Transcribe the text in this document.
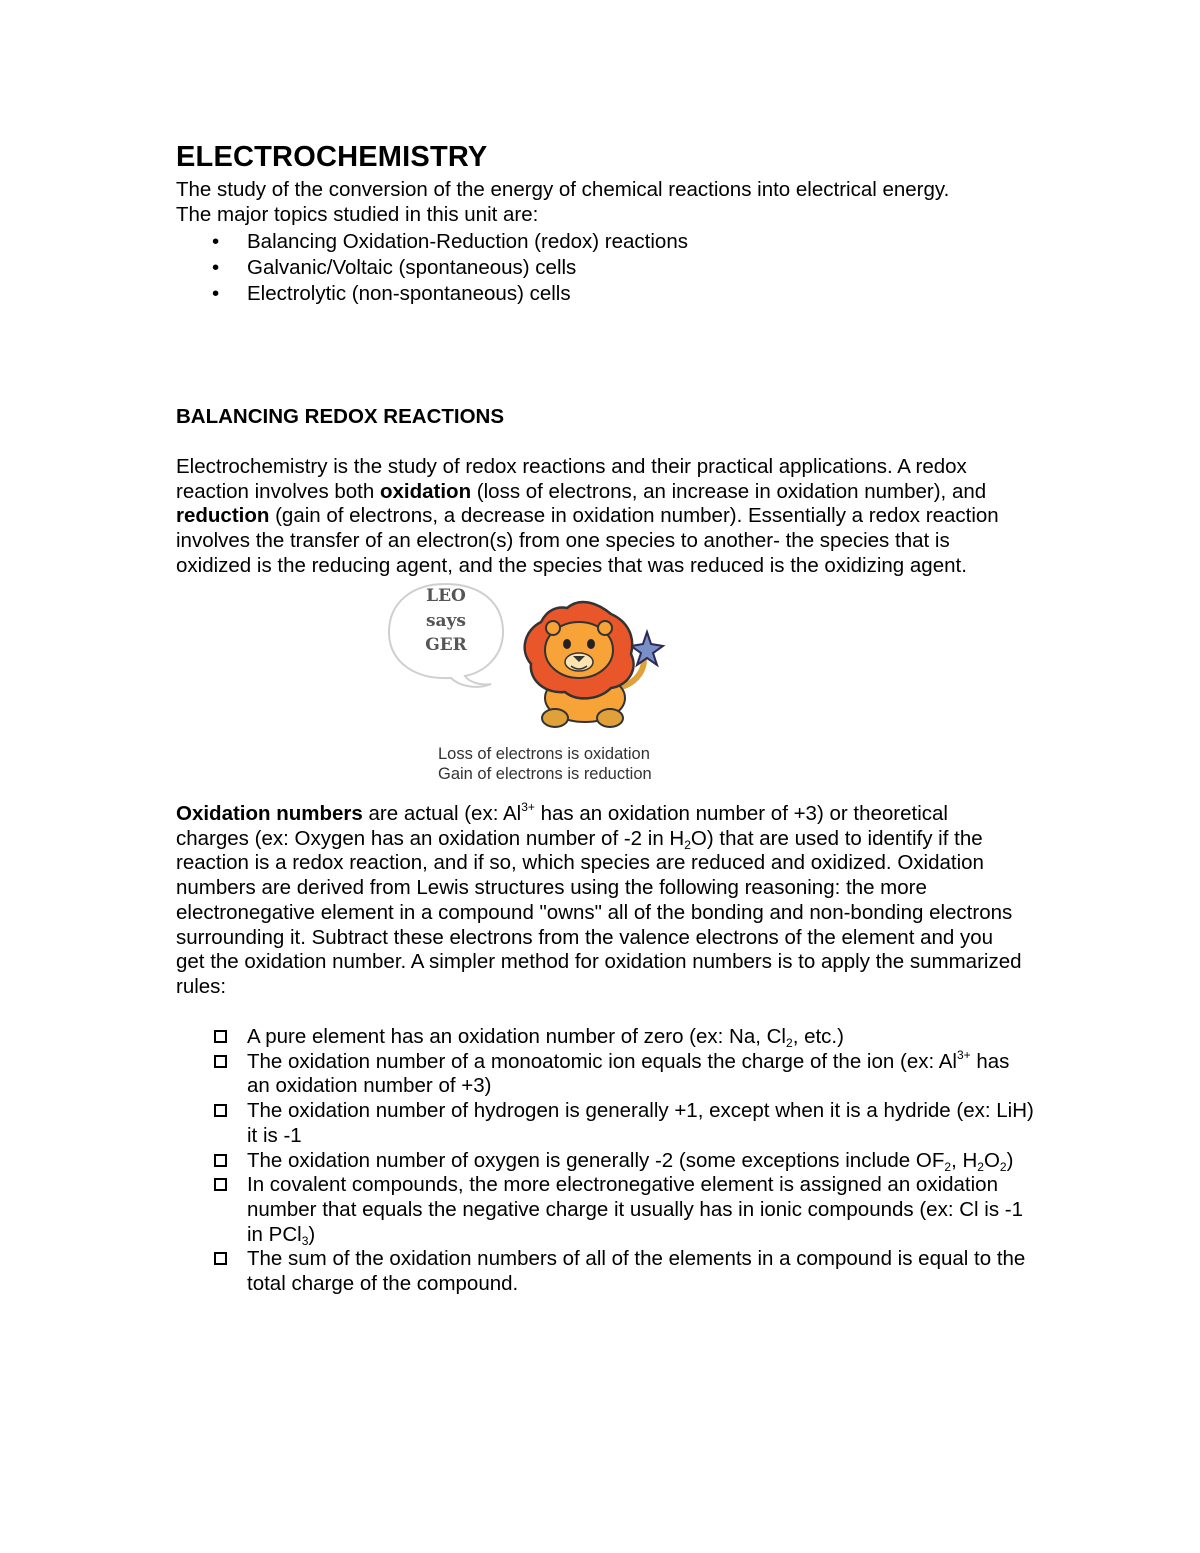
ELECTROCHEMISTRY
The study of the conversion of the energy of chemical reactions into electrical energy.
The major topics studied in this unit are:
• Balancing Oxidation-Reduction (redox) reactions
• Galvanic/Voltaic (spontaneous) cells
• Electrolytic (non-spontaneous) cells
BALANCING REDOX REACTIONS
Electrochemistry is the study of redox reactions and their practical applications. A redox reaction involves both oxidation (loss of electrons, an increase in oxidation number), and reduction (gain of electrons, a decrease in oxidation number). Essentially a redox reaction involves the transfer of an electron(s) from one species to another- the species that is oxidized is the reducing agent, and the species that was reduced is the oxidizing agent.
LEO
says
GER
Loss of electrons is oxidation
Gain of electrons is reduction
Oxidation numbers are actual (ex: $Al^{3+}$ has an oxidation number of +3) or theoretical charges (ex: Oxygen has an oxidation number of -2 in $H_2O$) that are used to identify if the reaction is a redox reaction, and if so, which species are reduced and oxidized. Oxidation numbers are derived from Lewis structures using the following reasoning: the more electronegative element in a compound "owns" all of the bonding and non-bonding electrons surrounding it. Subtract these electrons from the valence electrons of the element and you get the oxidation number. A simpler method for oxidation numbers is to apply the summarized rules:
A pure element has an oxidation number of zero (ex: Na, $Cl_2$, etc.)
The oxidation number of a monoatomic ion equals the charge of the ion (ex: $Al^{3+}$ has an oxidation number of +3)
The oxidation number of hydrogen is generally +1, except when it is a hydride (ex: LiH) it is -1
The oxidation number of oxygen is generally -2 (some exceptions include $OF_2$, $H_2O_2$)
In covalent compounds, the more electronegative element is assigned an oxidation number that equals the negative charge it usually has in ionic compounds (ex: Cl is -1 in PCl$_3$)
The sum of the oxidation numbers of all of the elements in a compound is equal to the total charge of the compound.
